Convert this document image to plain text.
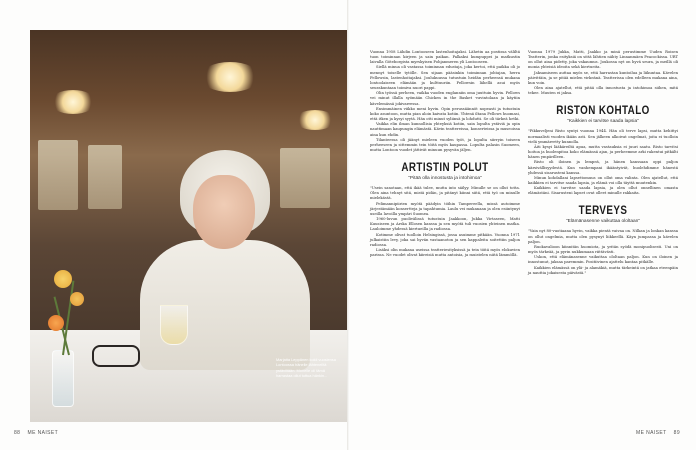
Marjatta Leppänen kokii vuosiensa Lontoossa hänelle lähteneiltä ystäviltään. Monelle oli tämä harrastaa ollut tuttua hänkin...

Vuonna 1958 Lähdin Lontooseen lastenhoitajaksi. Lähetin aa postissa väliltä tuon toiminnan kirjeen ja sain paikan. Palkaksi kumpuppei ja matkustin laivalla Göteborgista myrskyisen Pohjanmeren yli Lontooseen.

Siellä minua oli vastassa toiminnan edustaja, joka kertoi, että paikka oli jo mennyt toiselle tytölle. Sen sijaan pääsinkin toiminnan johtajan, herra Fellowsin, lastenhoitajaksi. Joulukuussa tutustuin heidän perheensä mukana lontoolaiseen elämään ja kulttuuriin. Fellowsin lähellä asui myös seurakuntaan toimiva nuori pappi.

Olin työssä perheen, vaikka vuoden englanniin oma juuttuin hyvin. Fellows vei minut illalla syömään Chicken in the Basket -ravintolaan ja käytiin kävelemässä jokivarressa.

Ensimmäinen viikko meni hyvin. Opin perussäännöt nopeasti ja tutustuin koko asuntoon, mutta pian aloin kaivata kotiin. Yhtenä iltana Fellows huomasi, että itken ja kysyi syytä. Hän otti minut syliinsä ja lohdutti. Se oli tärkeä hetki.

Vaikka elin ilman kunnollisia yhteyksiä kotiin, sain lopulta ystäviä ja opin nauttimaan kaupungin elämästä. Kävin teattereissa, konserteissa ja museoissa aina kun ehdin.

Tilanteessa oli jäänyt mieleen vuoden työt, ja lopulta siirryin toiseen perheeseen ja sittemmin tein töitä myös kaupassa. Lopulta palasin Suomeen, mutta Lontoon vuodet jättivät minuun pysyvän jäljen.

ARTISTIN POLUT
"Pitää olla innostusta ja intohimoa"

"Usein sanotaan, että ikää tulee, mutta into säilyy. Minulle se on ollut totta. Olen aina tehnyt sitä, mistä pidän, ja pitänyt kiinni siitä, että työ on minulle mielekästä.

Pelimannipiirien myötä päädyin töihin Tampereella, missä autoimme järjestämään konsertteja ja tapahtumia. Laulu vei mukanaan ja olen esiintynyt useilla lavoilla ympäri Suomea.

1960-luvun puolivälissä tutustuin Jaakkoon, Jukka Virtaseen, Matti Kuusiseen ja Arska Ellosen kanssa ja sen myötä tuli vuosien yhteinen matka. Lauloimme yhdessä kiertueilla ja radiossa.

Kotimme olivat tuolloin Helsingissä, jossa asuimme pitkään. Vuonna 1971 julkaistiin levy, joka sai hyvän vastaanoton ja sen kappaleita soitettiin paljon radiossa.

Lisäksi olin mukana useissa teatteriesityksissä ja tein töitä myös elokuvien parissa. Ne vuodet olivat kiireisiä mutta antoisia, ja muistelen niitä lämmöllä.

Vuonna 1979 Jukka, Matti, Jaakko ja minä perustimme Uuden Roisen Teatterin, jonka esityksiä on sittä lähtien nähty Linnanmäen Peacockissa. URT on ollut aina pidetty, joka vakaumus. Joukossa nyt on hyvä seura, ja meillä oli monia yhteisiä ideoita sekä kiertueita.

Jaksamiseen auttaa myös se, että harrastan kuntoilua ja liikuntaa. Kävelen päivittäin, ja se pitää mielen virkeänä. Teatterissa olen edelleen mukana aina, kun voin.

Olen aina ajatellut, että pitää olla innostusta ja intohimoa siihen, mitä tekee. Muuten ei jaksa.

RISTON KOHTALO
"Kaikkien ei tarvitse saada lapsia"

"Pikkuveljeni Risto syntyi vuonna 1944. Hän oli terve lapsi, mutta kehittyi normaalisti vuoden ikään asti. Sen jälkeen alkoivat ongelmat, joita ei tuolloin vielä ymmärretty kunnolla.

Äiti kysyi lääkäreiltä apua, mutta vastauksia ei juuri saatu. Risto tarvitsi hoitoa ja huolenpitoa koko elämänsä ajan, ja perheemme arki rakentui pitkälti hänen ympärilleen.

Risto oli iloinen ja lempeä, ja hänen kanssaan oppi paljon kärsivällisyydestä. Kun vanhempani ikääntyivät, huolehdimme hänestä yhdessä sisarusteni kanssa.

Minun kohdallani lapsettomuus on ollut oma valinta. Olen ajatellut, että kaikkien ei tarvitse saada lapsia, ja elämä voi olla täyttä muutenkin.

Kaikkien ei tarvitse saada lapsia, ja olen ollut onnellinen omasta elämästäni. Sisarusteni lapset ovat olleet minulle rakkaita.

TERVEYS
"Elämänasenne vaikuttaa ololtaan"

"Vain nyt 80-vuotiaana hyvin, vaikka pientä vaivaa on. Nilkan ja lonkan kanssa on ollut ongelmia, mutta olen pysynyt liikkeellä. Käyn jumpassa ja kävelen paljon.

Ruokavalioon kiinnitän huomiota, ja yritän syödä monipuolisesti. Uni on myös tärkeää, ja pyrin nukkumaan riittävästi.

Uskon, että elämänasenne vaikuttaa ololtaan paljon. Kun on iloinen ja innostunut, jaksaa paremmin. Positiivinen ajattelu kantaa pitkälle.

Kaikkien elämässä on ylä- ja alamäkiä, mutta tärkeintä on jatkaa eteenpäin ja nauttia jokaisesta päivästä."

88 ME NAISET	ME NAISET 89
